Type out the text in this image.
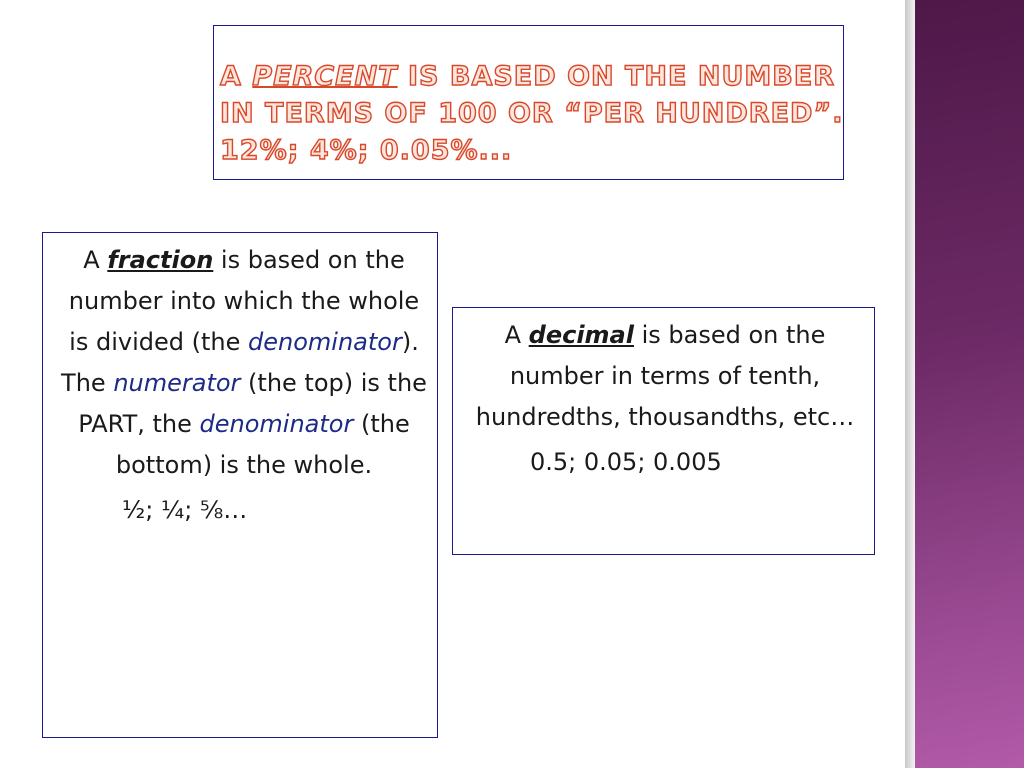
A PERCENT IS BASED ON THE NUMBER
IN TERMS OF 100 OR “PER HUNDRED”.
12%; 4%; 0.05%...
A fraction is based on the number into which the whole is divided (the denominator).
The numerator (the top) is the PART, the denominator (the bottom) is the whole.
½; ¼; ⅝…
A decimal is based on the number in terms of tenth, hundredths, thousandths, etc…
0.5; 0.05; 0.005
